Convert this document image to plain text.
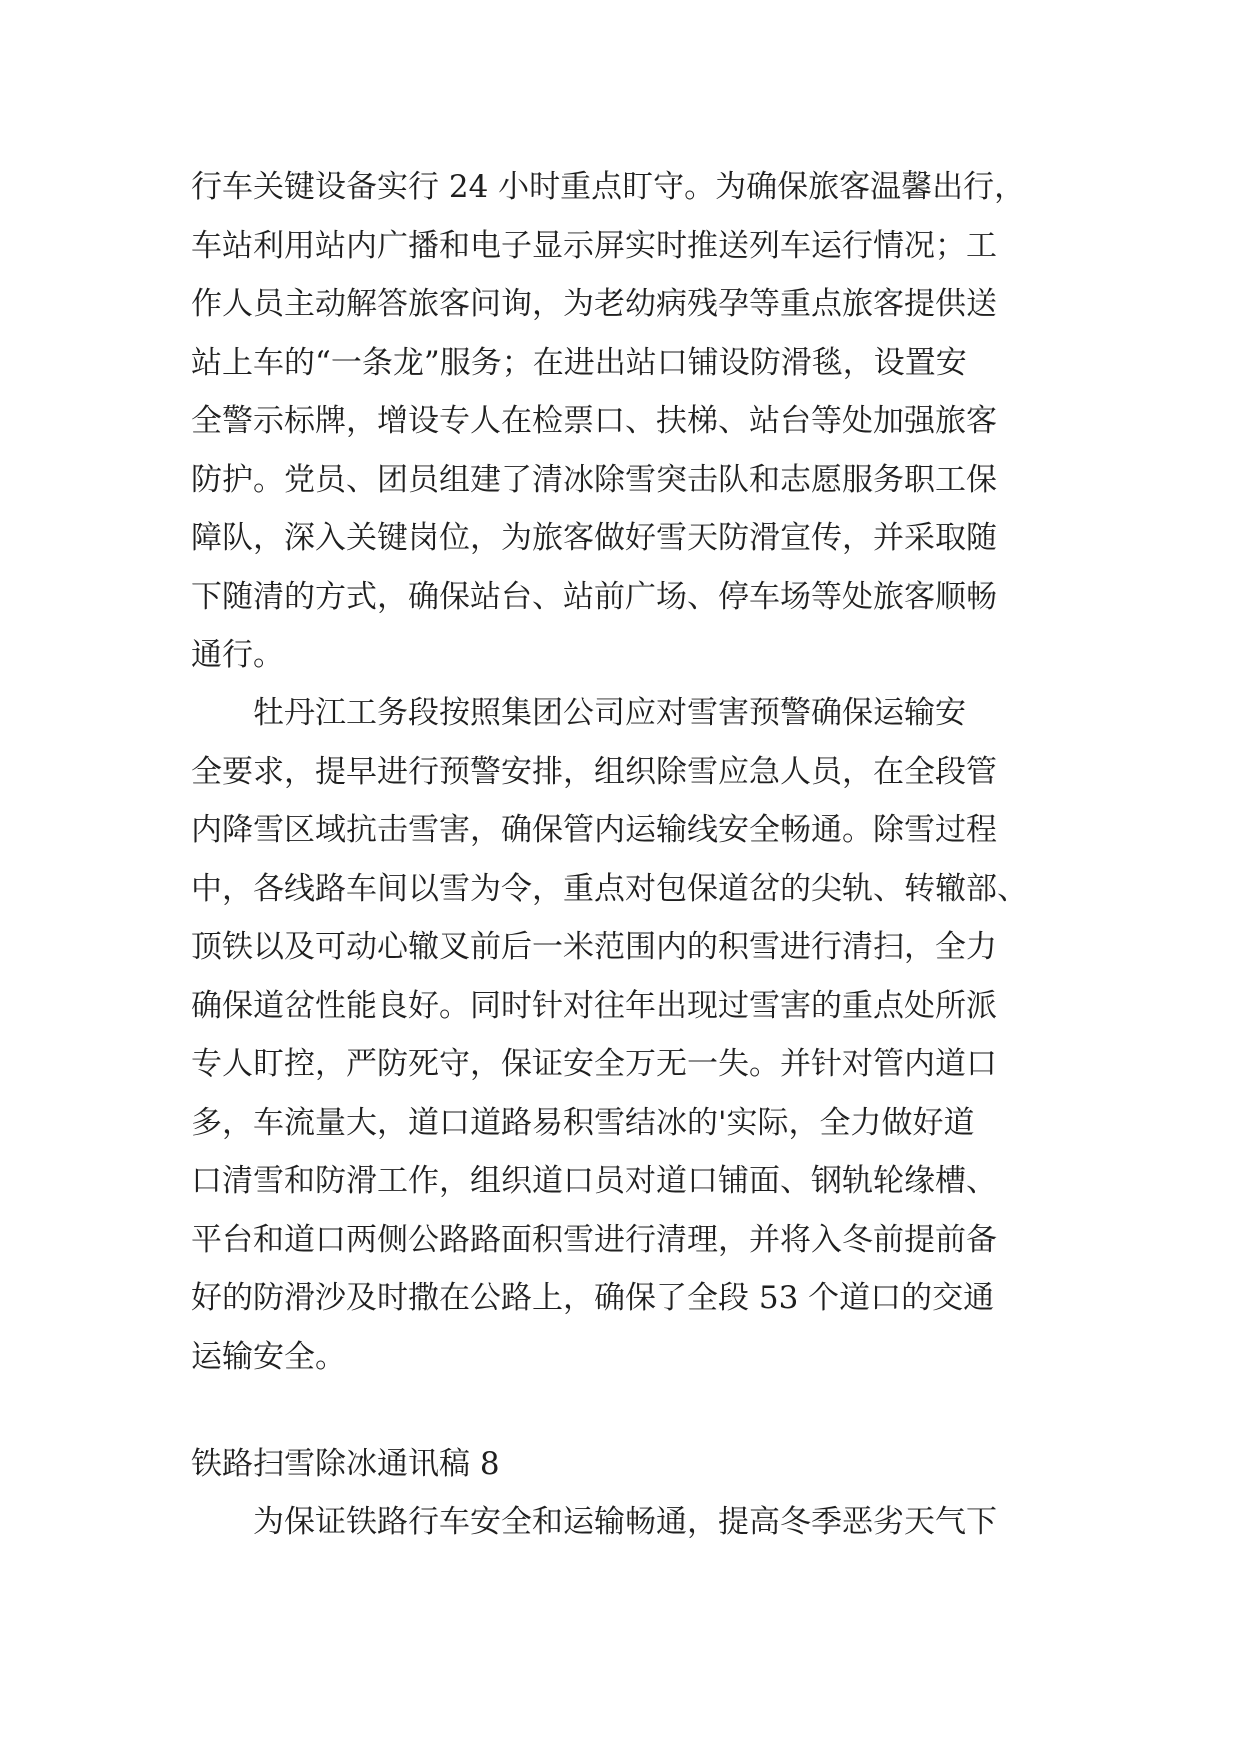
行车关键设备实行 24 小时重点盯守。为确保旅客温馨出行，
车站利用站内广播和电子显示屏实时推送列车运行情况；工
作人员主动解答旅客问询，为老幼病残孕等重点旅客提供送
站上车的“一条龙”服务；在进出站口铺设防滑毯，设置安
全警示标牌，增设专人在检票口、扶梯、站台等处加强旅客
防护。党员、团员组建了清冰除雪突击队和志愿服务职工保
障队，深入关键岗位，为旅客做好雪天防滑宣传，并采取随
下随清的方式，确保站台、站前广场、停车场等处旅客顺畅
通行。
牡丹江工务段按照集团公司应对雪害预警确保运输安
全要求，提早进行预警安排，组织除雪应急人员，在全段管
内降雪区域抗击雪害，确保管内运输线安全畅通。除雪过程
中，各线路车间以雪为令，重点对包保道岔的尖轨、转辙部、
顶铁以及可动心辙叉前后一米范围内的积雪进行清扫，全力
确保道岔性能良好。同时针对往年出现过雪害的重点处所派
专人盯控，严防死守，保证安全万无一失。并针对管内道口
多，车流量大，道口道路易积雪结冰的'实际，全力做好道
口清雪和防滑工作，组织道口员对道口铺面、钢轨轮缘槽、
平台和道口两侧公路路面积雪进行清理，并将入冬前提前备
好的防滑沙及时撒在公路上，确保了全段 53 个道口的交通
运输安全。
铁路扫雪除冰通讯稿 8
为保证铁路行车安全和运输畅通，提高冬季恶劣天气下
